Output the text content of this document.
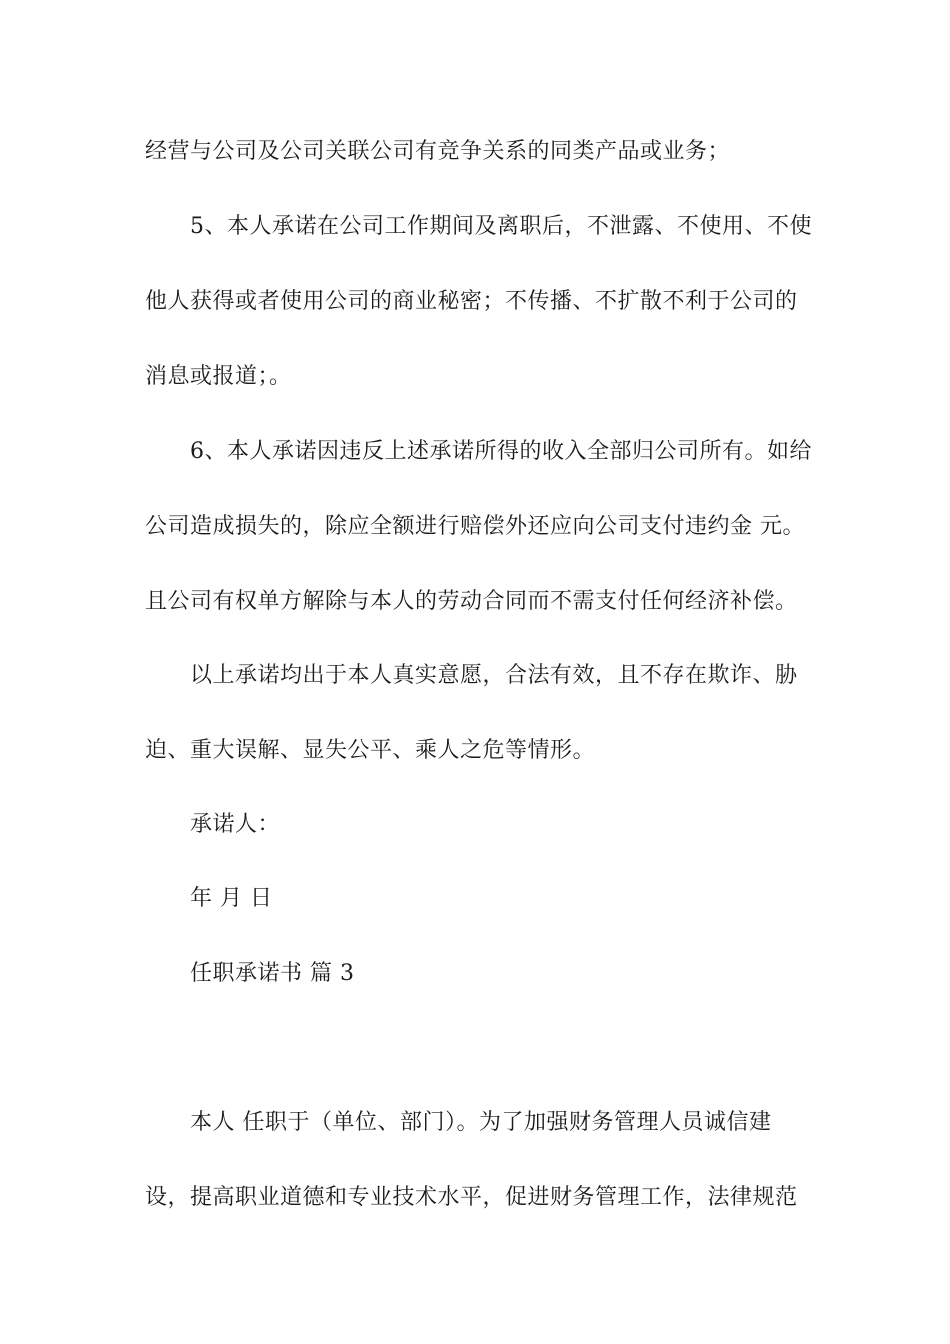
经营与公司及公司关联公司有竞争关系的同类产品或业务；
5、本人承诺在公司工作期间及离职后，不泄露、不使用、不使
他人获得或者使用公司的商业秘密；不传播、不扩散不利于公司的
消息或报道；。
6、本人承诺因违反上述承诺所得的收入全部归公司所有。如给
公司造成损失的，除应全额进行赔偿外还应向公司支付违约金 元。
且公司有权单方解除与本人的劳动合同而不需支付任何经济补偿。
以上承诺均出于本人真实意愿，合法有效，且不存在欺诈、胁
迫、重大误解、显失公平、乘人之危等情形。
承诺人：
年 月 日
任职承诺书 篇 3
本人 任职于（单位、部门）。为了加强财务管理人员诚信建
设，提高职业道德和专业技术水平，促进财务管理工作，法律规范
